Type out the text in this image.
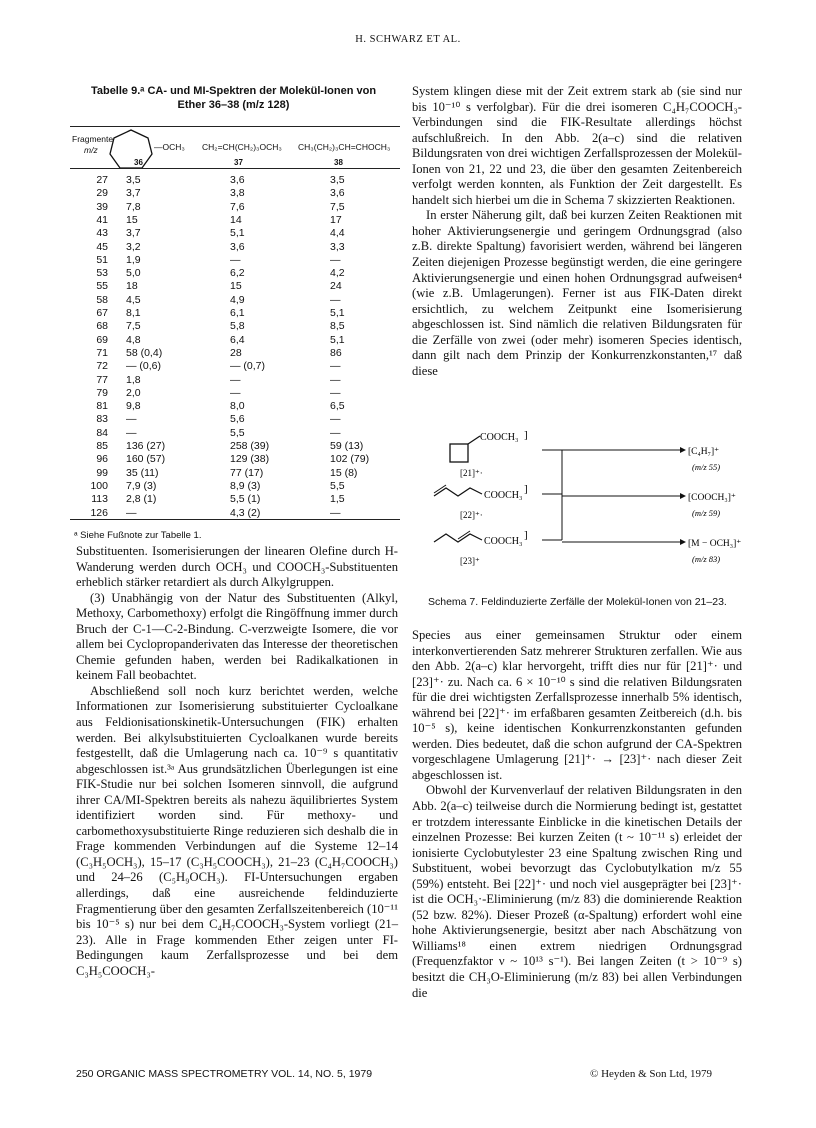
H. SCHWARZ ET AL.
Tabelle 9.ᵃ CA- und MI-Spektren der Molekül-Ionen von
Ether 36–38 (m/z 128)
Fragmente
m/z	—OCH₃ CH₂=CH(CH₂)₃OCH₃ CH₃(CH₂)₃CH=CHOCH₃
36	37	38
27 3,5	3,6	3,5
29 3,7	3,8	3,6
39 7,8	7,6	7,5
41 15	14	17
43 3,7	5,1	4,4
45 3,2	3,6	3,3
51 1,9	—	—
53 5,0	6,2	4,2
55 18	15	24
58 4,5	4,9	—
67 8,1	6,1	5,1
68 7,5	5,8	8,5
69 4,8	6,4	5,1
71 58 (0,4)	28	86
72 — (0,6)	— (0,7)	—
77 1,8	—	—
79 2,0	—	—
81 9,8	8,0	6,5
83 —	5,6	—
84 —	5,5	—
85 136 (27)	258 (39)	59 (13)
96 160 (57)	129 (38)	102 (79)
99 35 (11)	77 (17)	15 (8)
100 7,9 (3)	8,9 (3)	5,5
113 2,8 (1)	5,5 (1)	1,5
126 —	4,3 (2)	—
ᵃ Siehe Fußnote zur Tabelle 1.

Substituenten. Isomerisierungen der linearen Olefine durch H-Wanderung werden durch OCH₃ und COOCH₃-Substituenten erheblich stärker retardiert als durch Alkylgruppen.

(3) Unabhängig von der Natur des Substituenten (Alkyl, Methoxy, Carbomethoxy) erfolgt die Ringöffnung immer durch Bruch der C-1—C-2-Bindung. C-verzweigte Isomere, die vor allem bei Cyclopropanderivaten das Interesse der theoretischen Chemie gefunden haben, werden bei Radikalkationen in keinem Fall beobachtet.

Abschließend soll noch kurz berichtet werden, welche Informationen zur Isomerisierung substituierter Cycloalkane aus Feldionisationskinetik-Untersuchungen (FIK) erhalten werden. Bei alkylsubstituierten Cycloalkanen wurde bereits festgestellt, daß die Umlagerung nach ca. 10⁻⁹ s quantitativ abgeschlossen ist.³ᵃ Aus grundsätzlichen Überlegungen ist eine FIK-Studie nur bei solchen Isomeren sinnvoll, die aufgrund ihrer CA/MI-Spektren bereits als nahezu äquilibriertes System identifiziert worden sind. Für methoxy- und carbomethoxysubstituierte Ringe reduzieren sich deshalb die in Frage kommenden Verbindungen auf die Systeme 12–14 (C₃H₅OCH₃), 15–17 (C₃H₅COOCH₃), 21–23 (C₄H₇COOCH₃) und 24–26 (C₅H₉OCH₃). FI-Untersuchungen ergaben allerdings, daß eine ausreichende feldinduzierte Fragmentierung über den gesamten Zerfallszeitenbereich (10⁻¹¹ bis 10⁻⁵ s) nur bei dem C₄H₇COOCH₃-System vorliegt (21–23). Alle in Frage kommenden Ether zeigen unter FI-Bedingungen kaum Zerfallsprozesse und bei dem C₃H₅COOCH₃-

System klingen diese mit der Zeit extrem stark ab (sie sind nur bis 10⁻¹⁰ s verfolgbar). Für die drei isomeren C₄H₇COOCH₃-Verbindungen sind die FIK-Resultate allerdings höchst aufschlußreich. In den Abb. 2(a–c) sind die relativen Bildungsraten von drei wichtigen Zerfallsprozessen der Molekül-Ionen von 21, 22 und 23, die über den gesamten Zeitenbereich verfolgt werden konnten, als Funktion der Zeit dargestellt. Es handelt sich hierbei um die in Schema 7 skizzierten Reaktionen.

In erster Näherung gilt, daß bei kurzen Zeiten Reaktionen mit hoher Aktivierungsenergie und geringem Ordnungsgrad (also z.B. direkte Spaltung) favorisiert werden, während bei längeren Zeiten diejenigen Prozesse begünstigt werden, die eine geringere Aktivierungsenergie und einen hohen Ordnungsgrad aufweisen⁴ (wie z.B. Umlagerungen). Ferner ist aus FIK-Daten direkt ersichtlich, zu welchem Zeitpunkt eine Isomerisierung abgeschlossen ist. Sind nämlich die relativen Bildungsraten für die Zerfälle von zwei (oder mehr) isomeren Species identisch, dann gilt nach dem Prinzip der Konkurrenzkonstanten,¹⁷ daß diese

COOCH₃ ]
[21]⁺·
COOCH₃
]
[22]⁺·
COOCH₃
]
[23]⁺
[C₄H₇]⁺
(m/z 55)
[COOCH₃]⁺
(m/z 59)
[M − OCH₃]⁺
(m/z 83)
Schema 7. Feldinduzierte Zerfälle der Molekül-Ionen von 21–23.

Species aus einer gemeinsamen Struktur oder einem interkonvertierenden Satz mehrerer Strukturen zerfallen. Wie aus den Abb. 2(a–c) klar hervorgeht, trifft dies nur für [21]⁺· und [23]⁺· zu. Nach ca. 6 × 10⁻¹⁰ s sind die relativen Bildungsraten für die drei wichtigsten Zerfallsprozesse innerhalb 5% identisch, während bei [22]⁺· im erfaßbaren gesamten Zeitbereich (d.h. bis 10⁻⁵ s), keine identischen Konkurrenzkonstanten gefunden werden. Dies bedeutet, daß die schon aufgrund der CA-Spektren vorgeschlagene Umlagerung [21]⁺· → [23]⁺· nach dieser Zeit abgeschlossen ist.

Obwohl der Kurvenverlauf der relativen Bildungsraten in den Abb. 2(a–c) teilweise durch die Normierung bedingt ist, gestattet er trotzdem interessante Einblicke in die kinetischen Details der einzelnen Prozesse: Bei kurzen Zeiten (t ~ 10⁻¹¹ s) erleidet der ionisierte Cyclobutylester 23 eine Spaltung zwischen Ring und Substituent, wobei bevorzugt das Cyclobutylkation m/z 55 (59%) entsteht. Bei [22]⁺· und noch viel ausgeprägter bei [23]⁺· ist die OCH₃·-Eliminierung (m/z 83) die dominierende Reaktion (52 bzw. 82%). Dieser Prozeß (α-Spaltung) erfordert wohl eine hohe Aktivierungsenergie, besitzt aber nach Abschätzung von Williams¹⁸ einen extrem niedrigen Ordnungsgrad (Frequenzfaktor ν ~ 10¹³ s⁻¹). Bei langen Zeiten (t > 10⁻⁹ s) besitzt die CH₃O-Eliminierung (m/z 83) bei allen Verbindungen die

250 ORGANIC MASS SPECTROMETRY VOL. 14, NO. 5, 1979	© Heyden & Son Ltd, 1979
